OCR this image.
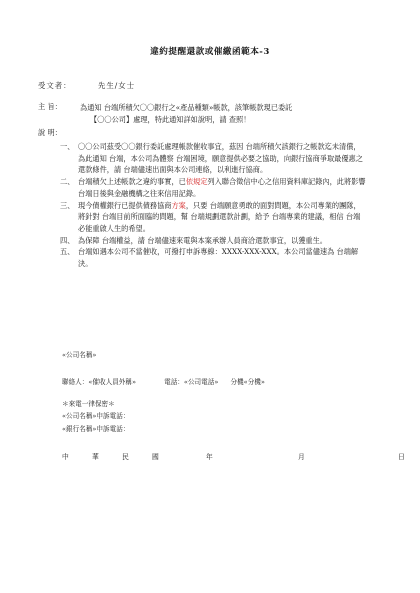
違約提醒還款或催繳函範本-3
受文者：	先生/女士
主 旨：	為通知 台端所積欠〇〇銀行之«產品種類»帳款，該筆帳款現已委託
【〇〇公司】處理，特此通知詳如說明，請 查照！
說 明：
一、 〇〇公司茲受〇〇銀行委託處理帳款催收事宜，茲因 台端所積欠該銀行之帳款迄未清償，為此通知 台端，本公司為體察 台端困境，願意提供必要之協助，向銀行協商爭取最優惠之還款條件，請 台端儘速出面與本公司連絡，以利進行協商。
二、 台端積欠上述帳款之違約事實，已依規定列入聯合徵信中心之信用資料庫記錄內，此將影響 台端日後與金融機構之往來信用記錄。
三、 現今債權銀行已提供債務協商方案，只要 台端願意勇敢的面對問題，本公司專業的團隊，將針對 台端目前所面臨的問題，幫 台端規劃還款計劃，給予 台端專業的建議，相信 台端必能重啟人生的希望。
四、 為保障 台端權益，請 台端儘速來電與本案承辦人員商洽還款事宜，以獲重生。
五、 台端如遇本公司不當催收，可撥打申訴專線：XXXX-XXX-XXX。本公司當儘速為 台端解決。
«公司名稱»
聯絡人：«催收人員外稱»	電話：«公司電話» 分機«分機»
＊來電一律保密＊
«公司名稱»申訴電話：
«銀行名稱»申訴電話：
中	華	民	國	年	月	日
